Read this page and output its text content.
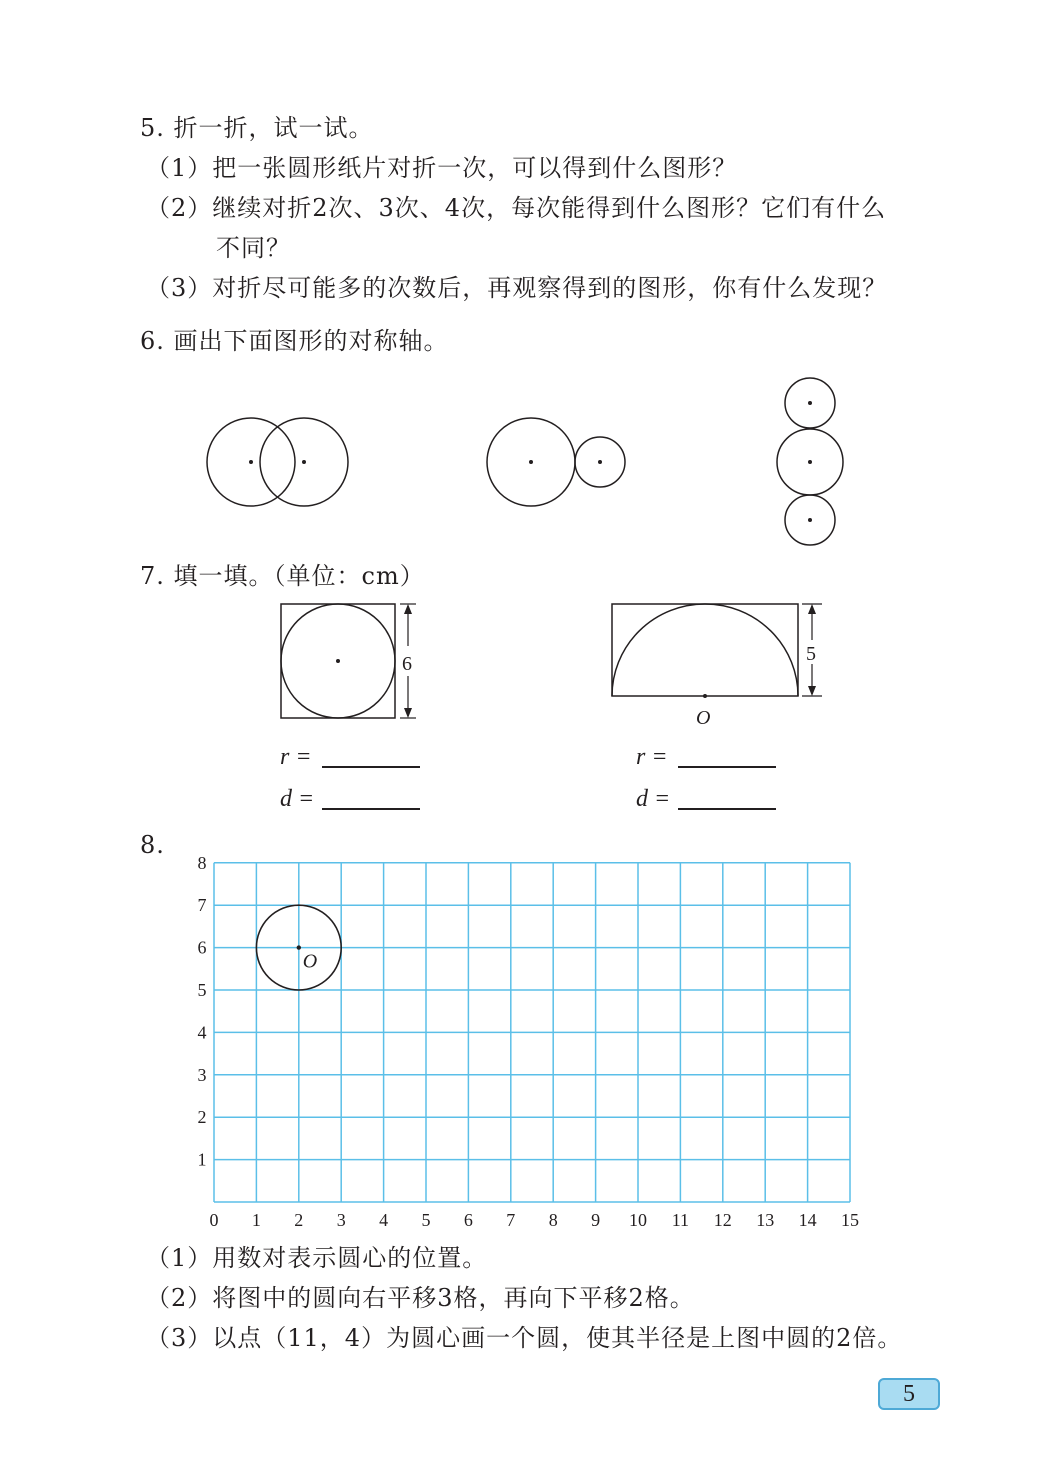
5. 折一折，试一试。
（1）把一张圆形纸片对折一次，可以得到什么图形？
（2）继续对折2次、3次、4次，每次能得到什么图形？它们有什么
不同？
（3）对折尽可能多的次数后，再观察得到的图形，你有什么发现？
6. 画出下面图形的对称轴。
7. 填一填。（单位：cm）
6	5
O
r =
d =
r =
d =
8.
0 1 2 3 4 5 6 7 8 9 10 11 12 13 14 15
1
2
3
4
5
6
7
8
O
（1）用数对表示圆心的位置。
（2）将图中的圆向右平移3格，再向下平移2格。
（3）以点（11，4）为圆心画一个圆，使其半径是上图中圆的2倍。
5
